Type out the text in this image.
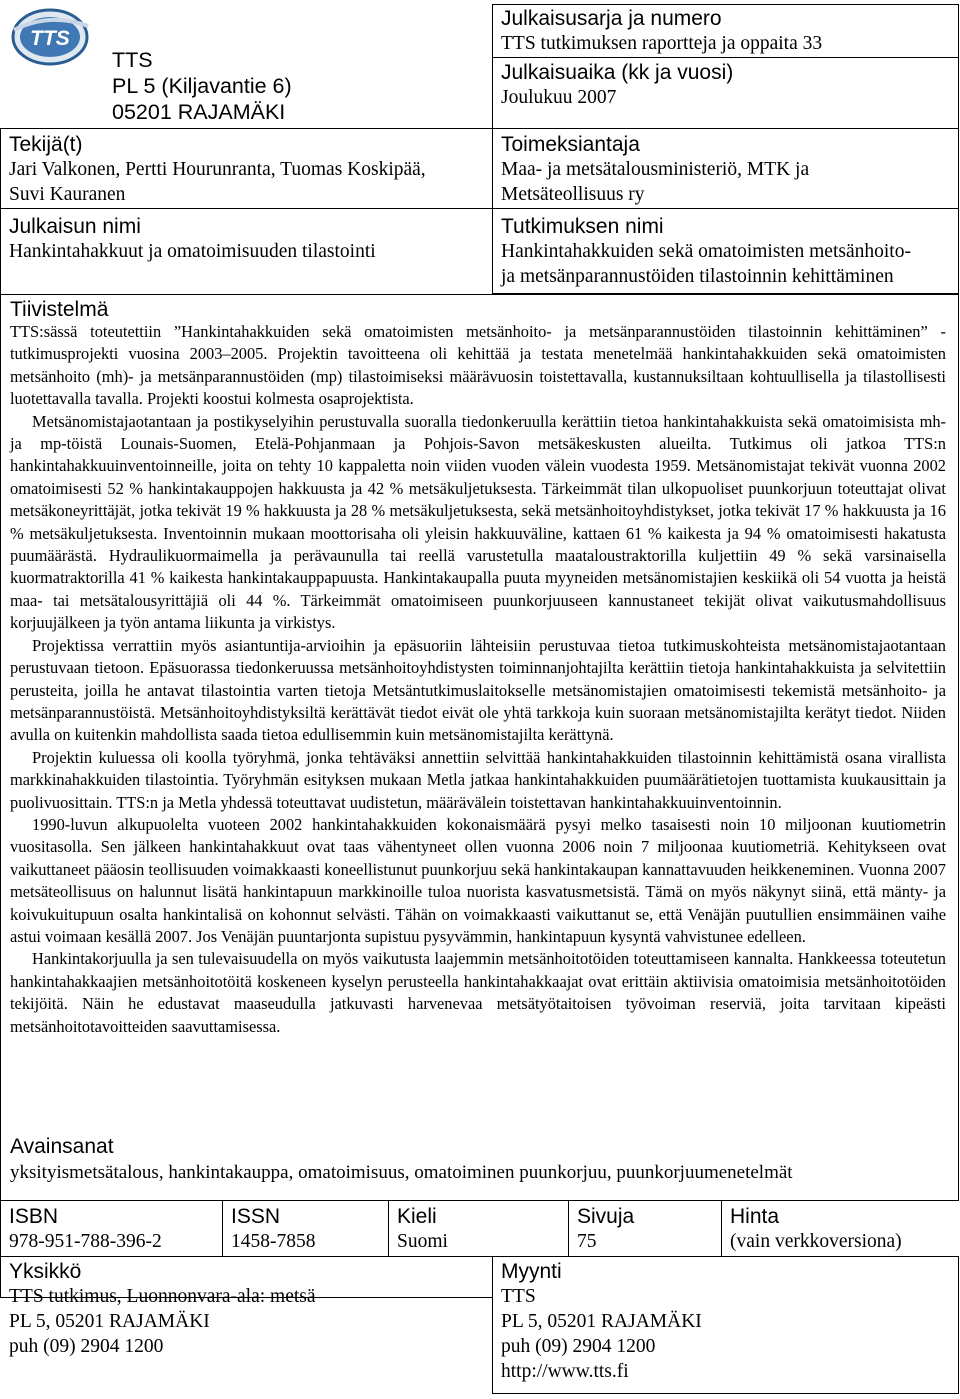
TTS
TTS
PL 5 (Kiljavantie 6)
05201 RAJAMÄKI
Julkaisusarja ja numero
TTS tutkimuksen raportteja ja oppaita 33
Julkaisuaika (kk ja vuosi)
Joulukuu 2007
Tekijä(t)
Jari Valkonen, Pertti Hourunranta, Tuomas Koskipää,
Suvi Kauranen
Toimeksiantaja
Maa- ja metsätalousministeriö, MTK ja
Metsäteollisuus ry
Julkaisun nimi
Hankintahakkuut ja omatoimisuuden tilastointi
Tutkimuksen nimi
Hankintahakkuiden sekä omatoimisten metsänhoito-
ja metsänparannustöiden tilastoinnin kehittäminen
Tiivistelmä

TTS:sässä toteutettiin ”Hankintahakkuiden sekä omatoimisten metsänhoito- ja metsänparannustöiden tilastoinnin kehittäminen” -tutkimusprojekti vuosina 2003–2005. Projektin tavoitteena oli kehittää ja testata menetelmää hankintahakkuiden sekä omatoimisten metsänhoito (mh)- ja metsänparannustöiden (mp) tilastoimiseksi määrävuosin toistettavalla, kustannuksiltaan kohtuullisella ja tilastollisesti luotettavalla tavalla. Projekti koostui kolmesta osaprojektista.

Metsänomistajaotantaan ja postikyselyihin perustuvalla suoralla tiedonkeruulla kerättiin tietoa hankintahakkuista sekä omatoimisista mh- ja mp-töistä Lounais-Suomen, Etelä-Pohjanmaan ja Pohjois-Savon metsäkeskusten alueilta. Tutkimus oli jatkoa TTS:n hankintahakkuuinventoinneille, joita on tehty 10 kappaletta noin viiden vuoden välein vuodesta 1959. Metsänomistajat tekivät vuonna 2002 omatoimisesti 52 % hankintakauppojen hakkuusta ja 42 % metsäkuljetuksesta. Tärkeimmät tilan ulkopuoliset puunkorjuun toteuttajat olivat metsäkoneyrittäjät, jotka tekivät 19 % hakkuusta ja 28 % metsäkuljetuksesta, sekä metsänhoitoyhdistykset, jotka tekivät 17 % hakkuusta ja 16 % metsäkuljetuksesta. Inventoinnin mukaan moottorisaha oli yleisin hakkuuväline, kattaen 61 % kaikesta ja 94 % omatoimisesti hakatusta puumäärästä. Hydraulikuormaimella ja perävaunulla tai reellä varustetulla maataloustraktorilla kuljettiin 49 % sekä varsinaisella kuormatraktorilla 41 % kaikesta hankintakauppapuusta. Hankintakaupalla puuta myyneiden metsänomistajien keskiikä oli 54 vuotta ja heistä maa- tai metsätalousyrittäjiä oli 44 %. Tärkeimmät omatoimiseen puunkorjuuseen kannustaneet tekijät olivat vaikutusmahdollisuus korjuujälkeen ja työn antama liikunta ja virkistys.

Projektissa verrattiin myös asiantuntija-arvioihin ja epäsuoriin lähteisiin perustuvaa tietoa tutkimuskohteista metsänomistajaotantaan perustuvaan tietoon. Epäsuorassa tiedonkeruussa metsänhoitoyhdistysten toiminnanjohtajilta kerättiin tietoja hankintahakkuista ja selvitettiin perusteita, joilla he antavat tilastointia varten tietoja Metsäntutkimuslaitokselle metsänomistajien omatoimisesti tekemistä metsänhoito- ja metsänparannustöistä. Metsänhoitoyhdistyksiltä kerättävät tiedot eivät ole yhtä tarkkoja kuin suoraan metsänomistajilta kerätyt tiedot. Niiden avulla on kuitenkin mahdollista saada tietoa edullisemmin kuin metsänomistajilta kerättynä.

Projektin kuluessa oli koolla työryhmä, jonka tehtäväksi annettiin selvittää hankintahakkuiden tilastoinnin kehittämistä osana virallista markkinahakkuiden tilastointia. Työryhmän esityksen mukaan Metla jatkaa hankintahakkuiden puumäärätietojen tuottamista kuukausittain ja puolivuosittain. TTS:n ja Metla yhdessä toteuttavat uudistetun, määrävälein toistettavan hankintahakkuuinventoinnin.

1990-luvun alkupuolelta vuoteen 2002 hankintahakkuiden kokonaismäärä pysyi melko tasaisesti noin 10 miljoonan kuutiometrin vuositasolla. Sen jälkeen hankintahakkuut ovat taas vähentyneet ollen vuonna 2006 noin 7 miljoonaa kuutiometriä. Kehitykseen ovat vaikuttaneet pääosin teollisuuden voimakkaasti koneellistunut puunkorjuu sekä hankintakaupan kannattavuuden heikkeneminen. Vuonna 2007 metsäteollisuus on halunnut lisätä hankintapuun markkinoille tuloa nuorista kasvatusmetsistä. Tämä on myös näkynyt siinä, että mänty- ja koivukuitupuun osalta hankintalisä on kohonnut selvästi. Tähän on voimakkaasti vaikuttanut se, että Venäjän puutullien ensimmäinen vaihe astui voimaan kesällä 2007. Jos Venäjän puuntarjonta supistuu pysyvämmin, hankintapuun kysyntä vahvistunee edelleen.

Hankintakorjuulla ja sen tulevaisuudella on myös vaikutusta laajemmin metsänhoitotöiden toteuttamiseen kannalta. Hankkeessa toteutetun hankintahakkaajien metsänhoitotöitä koskeneen kyselyn perusteella hankintahakkaajat ovat erittäin aktiivisia omatoimisia metsänhoitotöiden tekijöitä. Näin he edustavat maaseudulla jatkuvasti harvenevaa metsätyötaitoisen työvoiman reserviä, joita tarvitaan kipeästi metsänhoitotavoitteiden saavuttamisessa.

Avainsanat
yksityismetsätalous, hankintakauppa, omatoimisuus, omatoiminen puunkorjuu, puunkorjuumenetelmät
ISBN
978-951-788-396-2
ISSN
1458-7858
Kieli
Suomi
Sivuja
75
Hinta
(vain verkkoversiona)
Yksikkö
TTS tutkimus, Luonnonvara-ala: metsä
PL 5, 05201 RAJAMÄKI
puh (09) 2904 1200
Myynti
TTS
PL 5, 05201 RAJAMÄKI
puh (09) 2904 1200
http://www.tts.fi
